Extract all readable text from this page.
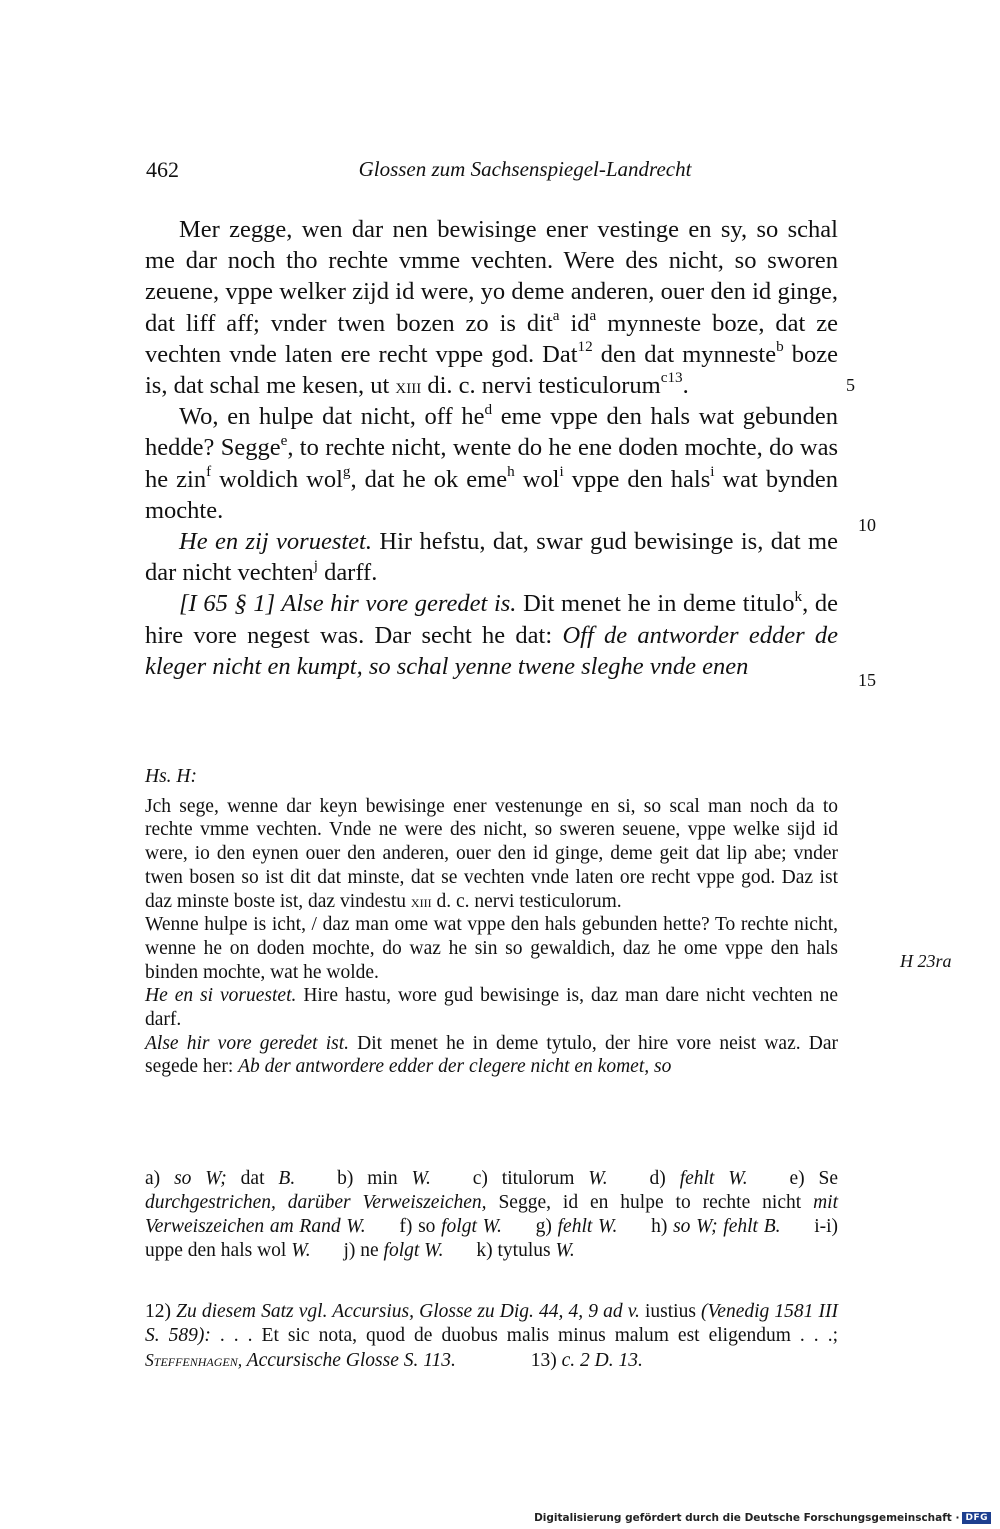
462	Glossen zum Sachsenspiegel-Landrecht

Mer zegge, wen dar nen bewisinge ener vestinge en sy, so schal me dar noch tho rechte vmme vechten. Were des nicht, so sworen zeuene, vppe welker zijd id were, yo deme anderen, ouer den id ginge, dat liff aff; vnder twen bozen zo is dit$^a$ $id^a$ mynneste boze, dat ze vechten vnde laten ere recht vppe god. Dat$^{12}$ den dat mynneste$^b$ boze is, dat schal me kesen, ut xiii di. c. nervi testiculorum$^{c13}$.

Wo, en hulpe dat nicht, off $he^d$ eme vppe den hals wat gebunden hedde? Segge$^e$, to rechte nicht, wente do he ene doden mochte, do was he zin$^f$ woldich wol$^g$, dat he ok eme$^h$ wol$^i$ vppe den hals$^i$ wat bynden mochte.

He en zij voruestet. Hir hefstu, dat, swar gud bewisinge is, dat me dar nicht vechten$^j$ darff.

[I 65 § 1] Alse hir vore geredet is. Dit menet he in deme titulo$^k$, de hire vore negest was. Dar secht he dat: Off de antworder edder de kleger nicht en kumpt, so schal yenne twene sleghe vnde enen

5
10
15

Hs. H:

Jch sege, wenne dar keyn bewisinge ener vestenunge en si, so scal man noch da to rechte vmme vechten. Vnde ne were des nicht, so sweren seuene, vppe welke sijd id were, io den eynen ouer den anderen, ouer den id ginge, deme geit dat lip abe; vnder twen bosen so ist dit dat minste, dat se vechten vnde laten ore recht vppe god. Daz ist daz minste boste ist, daz vindestu xiii d. c. nervi testiculorum.

Wenne hulpe is icht, / daz man ome wat vppe den hals gebunden hette? To rechte nicht, wenne he on doden mochte, do waz he sin so gewaldich, daz he ome vppe den hals binden mochte, wat he wolde.

He en si voruestet. Hire hastu, wore gud bewisinge is, daz man dare nicht vechten ne darf.

Alse hir vore geredet ist. Dit menet he in deme tytulo, der hire vore neist waz. Dar segede her: Ab der antwordere edder der clegere nicht en komet, so

H 23ra
a) so W; dat B. b) min W. c) titulorum W. d) fehlt W. e) Se durchgestrichen, darüber Verweiszeichen, Segge, id en hulpe to rechte nicht mit Verweiszeichen am Rand W. f) so folgt W. g) fehlt W. h) so W; fehlt B. i-i) uppe den hals wol W. j) ne folgt W. k) tytulus W.
12) Zu diesem Satz vgl. Accursius, Glosse zu Dig. 44, 4, 9 ad v. iustius (Venedig 1581 III S. 589): . . . Et sic nota, quod de duobus malis minus malum est eligendum . . .; Steffenhagen, Accursische Glosse S. 113.	13) c. 2 D. 13.
Digitalisierung gefördert durch die Deutsche Forschungsgemeinschaft · DFG
